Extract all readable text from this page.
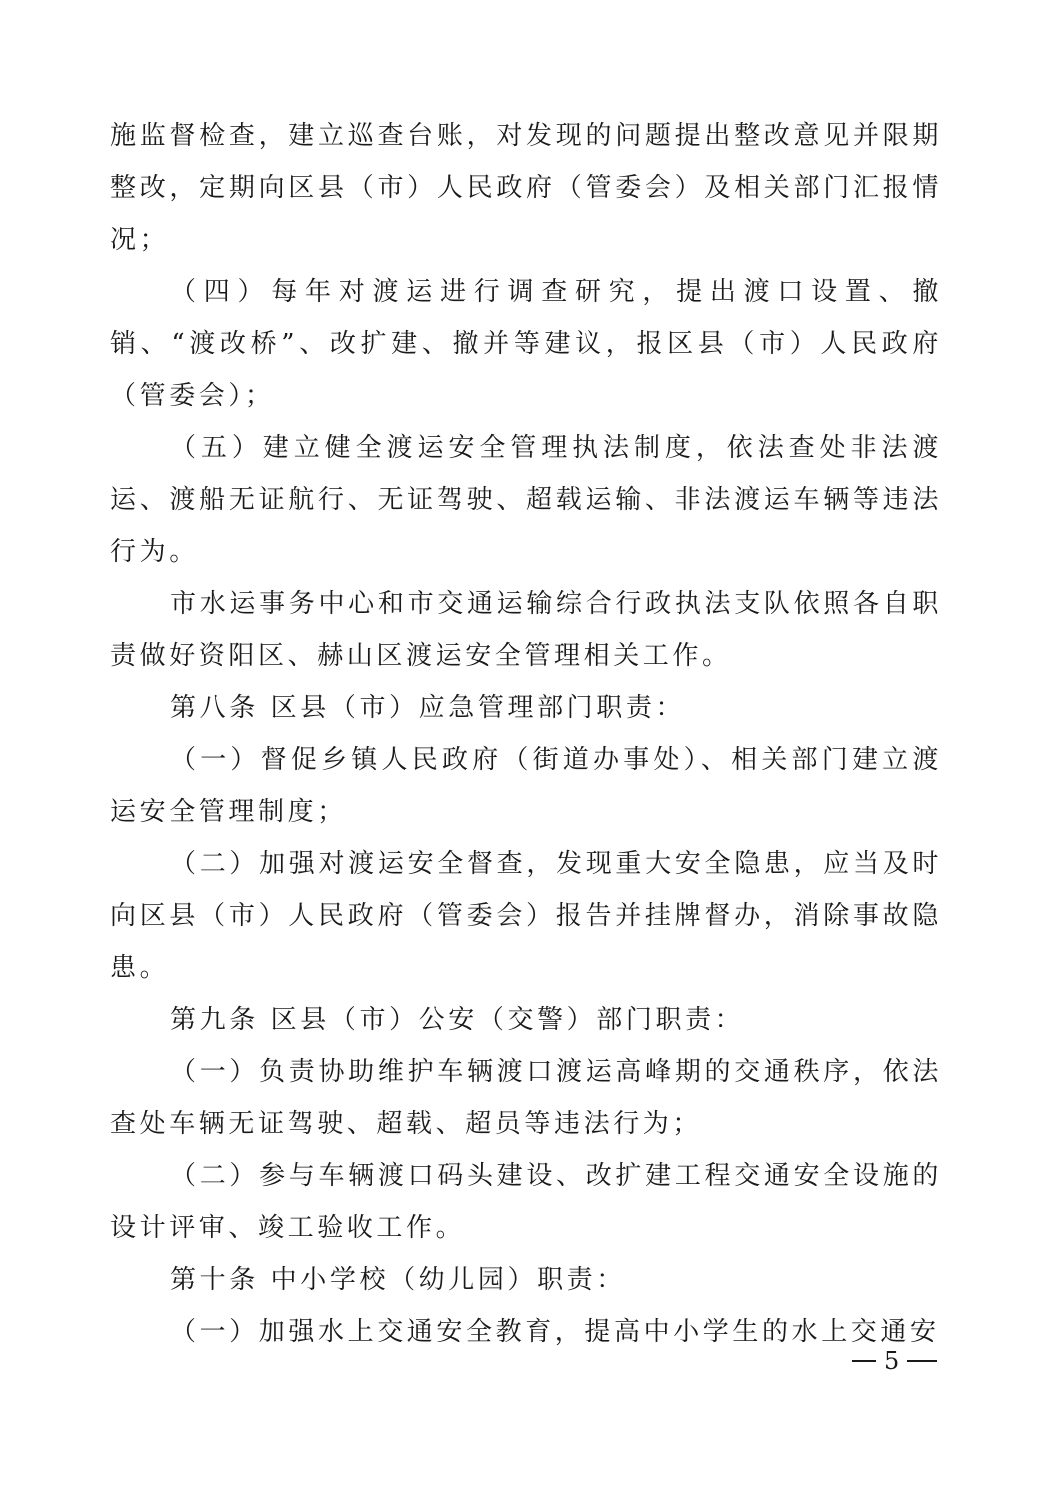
施监督检查，建立巡查台账，对发现的问题提出整改意见并限期整改，定期向区县（市）人民政府（管委会）及相关部门汇报情况；

（四）每年对渡运进行调查研究，提出渡口设置、撤销、“渡改桥”、改扩建、撤并等建议，报区县（市）人民政府（管委会）；

（五）建立健全渡运安全管理执法制度，依法查处非法渡运、渡船无证航行、无证驾驶、超载运输、非法渡运车辆等违法行为。

市水运事务中心和市交通运输综合行政执法支队依照各自职责做好资阳区、赫山区渡运安全管理相关工作。

第八条 区县（市）应急管理部门职责：

（一）督促乡镇人民政府（街道办事处）、相关部门建立渡运安全管理制度；

（二）加强对渡运安全督查，发现重大安全隐患，应当及时向区县（市）人民政府（管委会）报告并挂牌督办，消除事故隐患。

第九条 区县（市）公安（交警）部门职责：

（一）负责协助维护车辆渡口渡运高峰期的交通秩序，依法查处车辆无证驾驶、超载、超员等违法行为；

（二）参与车辆渡口码头建设、改扩建工程交通安全设施的设计评审、竣工验收工作。

第十条 中小学校（幼儿园）职责：

（一）加强水上交通安全教育，提高中小学生的水上交通安

5
